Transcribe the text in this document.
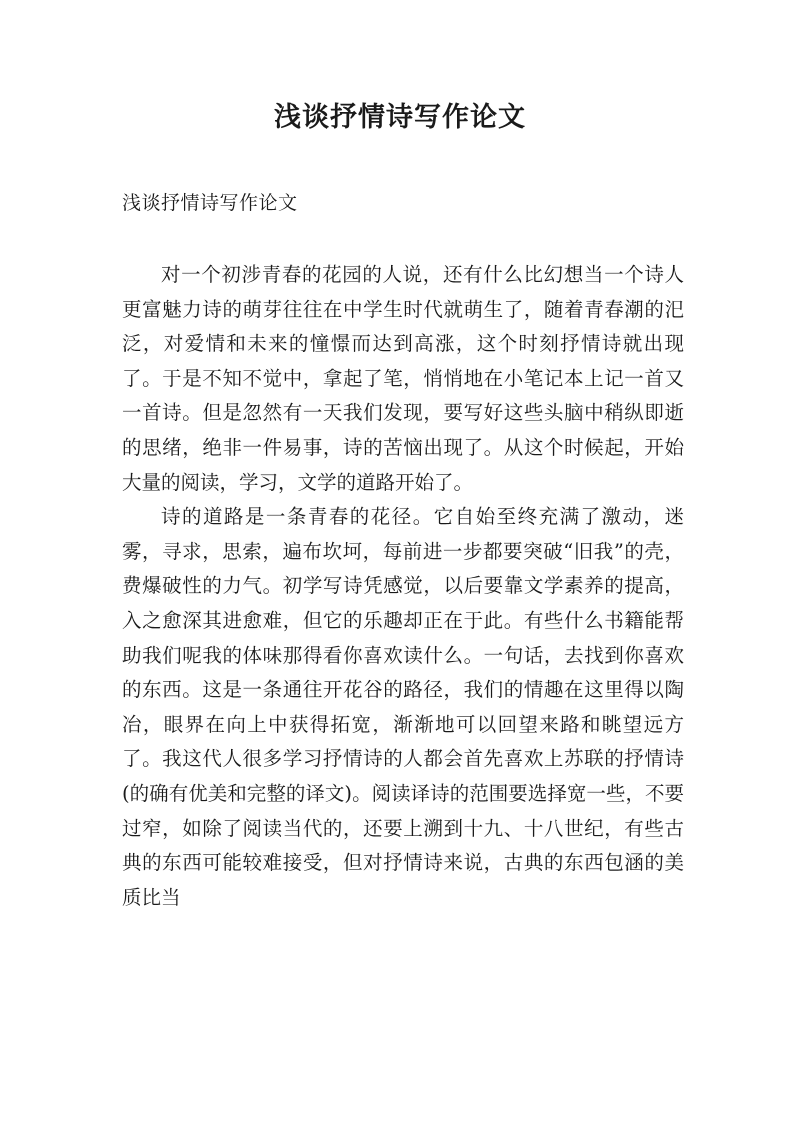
浅谈抒情诗写作论文
浅谈抒情诗写作论文

对一个初涉青春的花园的人说，还有什么比幻想当一个诗人更富魅力诗的萌芽往往在中学生时代就萌生了，随着青春潮的汜泛，对爱情和未来的憧憬而达到高涨，这个时刻抒情诗就出现了。于是不知不觉中，拿起了笔，悄悄地在小笔记本上记一首又一首诗。但是忽然有一天我们发现，要写好这些头脑中稍纵即逝的思绪，绝非一件易事，诗的苦恼出现了。从这个时候起，开始大量的阅读，学习，文学的道路开始了。

诗的道路是一条青春的花径。它自始至终充满了激动，迷雾，寻求，思索，遍布坎坷，每前进一步都要突破“旧我”的壳，费爆破性的力气。初学写诗凭感觉，以后要靠文学素养的提高，入之愈深其进愈难，但它的乐趣却正在于此。有些什么书籍能帮助我们呢我的体味那得看你喜欢读什么。一句话，去找到你喜欢的东西。这是一条通往开花谷的路径，我们的情趣在这里得以陶冶，眼界在向上中获得拓宽，渐渐地可以回望来路和眺望远方了。我这代人很多学习抒情诗的人都会首先喜欢上苏联的抒情诗(的确有优美和完整的译文)。阅读译诗的范围要选择宽一些，不要过窄，如除了阅读当代的，还要上溯到十九、十八世纪，有些古典的东西可能较难接受，但对抒情诗来说，古典的东西包涵的美质比当
